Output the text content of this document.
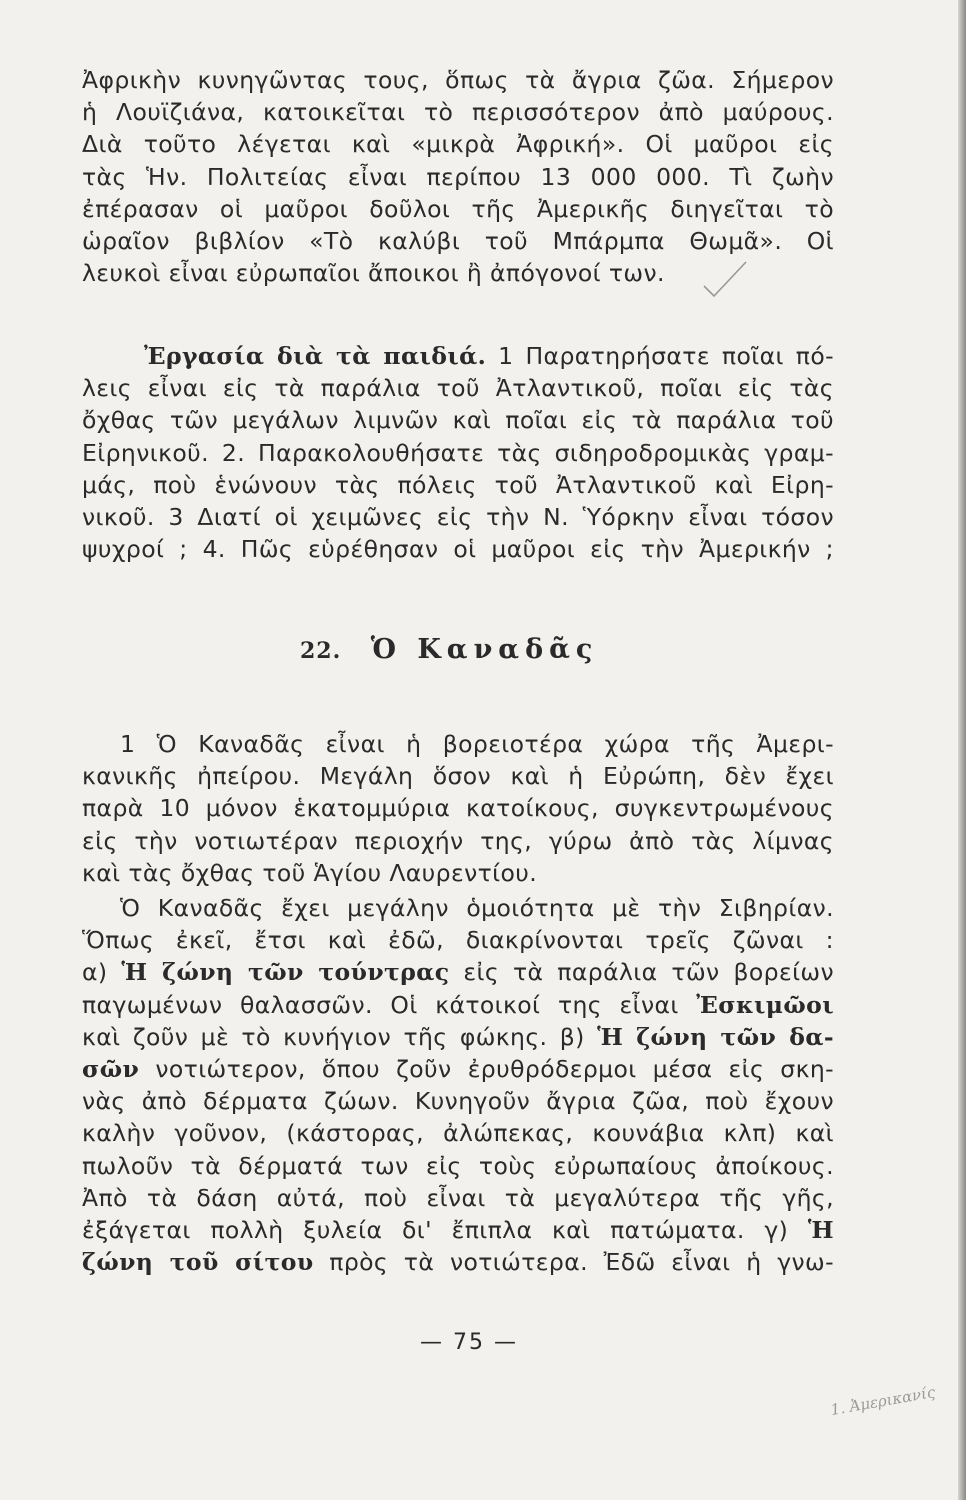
Ἀφρικὴν κυνηγῶντας τους, ὅπως τὰ ἄγρια ζῶα. Σήμερον
ἡ Λουϊζιάνα, κατοικεῖται τὸ περισσότερον ἀπὸ μαύρους.
Διὰ τοῦτο λέγεται καὶ «μικρὰ Ἀφρική». Οἱ μαῦροι εἰς
τὰς Ἡν. Πολιτείας εἶναι περίπου 13 000 000. Τὶ ζωὴν
ἐπέρασαν οἱ μαῦροι δοῦλοι τῆς Ἀμερικῆς διηγεῖται τὸ
ὡραῖον βιβλίον «Τὸ καλύβι τοῦ Μπάρμπα Θωμᾶ». Οἱ
λευκοὶ εἶναι εὐρωπαῖοι ἄποικοι ἢ ἀπόγονοί των.
Ἐργασία διὰ τὰ παιδιά. 1 Παρατηρήσατε ποῖαι πό-
λεις εἶναι εἰς τὰ παράλια τοῦ Ἀτλαντικοῦ, ποῖαι εἰς τὰς
ὄχθας τῶν μεγάλων λιμνῶν καὶ ποῖαι εἰς τὰ παράλια τοῦ
Εἰρηνικοῦ. 2. Παρακολουθήσατε τὰς σιδηροδρομικὰς γραμ-
μάς, ποὺ ἑνώνουν τὰς πόλεις τοῦ Ἀτλαντικοῦ καὶ Εἰρη-
νικοῦ. 3 Διατί οἱ χειμῶνες εἰς τὴν Ν. Ὑόρκην εἶναι τόσον
ψυχροί ; 4. Πῶς εὑρέθησαν οἱ μαῦροι εἰς τὴν Ἀμερικήν ;
22. Ὁ Καναδᾶς
1 Ὁ Καναδᾶς εἶναι ἡ βορειοτέρα χώρα τῆς Ἀμερι-
κανικῆς ἠπείρου. Μεγάλη ὅσον καὶ ἡ Εὐρώπη, δὲν ἔχει
παρὰ 10 μόνον ἑκατομμύρια κατοίκους, συγκεντρωμένους
εἰς τὴν νοτιωτέραν περιοχήν της, γύρω ἀπὸ τὰς λίμνας
καὶ τὰς ὄχθας τοῦ Ἁγίου Λαυρεντίου.
Ὁ Καναδᾶς ἔχει μεγάλην ὁμοιότητα μὲ τὴν Σιβηρίαν.
Ὅπως ἐκεῖ, ἔτσι καὶ ἐδῶ, διακρίνονται τρεῖς ζῶναι :
α) Ἡ ζώνη τῶν τούντρας εἰς τὰ παράλια τῶν βορείων
παγωμένων θαλασσῶν. Οἱ κάτοικοί της εἶναι Ἐσκιμῶοι
καὶ ζοῦν μὲ τὸ κυνήγιον τῆς φώκης. β) Ἡ ζώνη τῶν δα-
σῶν νοτιώτερον, ὅπου ζοῦν ἐρυθρόδερμοι μέσα εἰς σκη-
νὰς ἀπὸ δέρματα ζώων. Κυνηγοῦν ἄγρια ζῶα, ποὺ ἔχουν
καλὴν γοῦνον, (κάστορας, ἀλώπεκας, κουνάβια κλπ) καὶ
πωλοῦν τὰ δέρματά των εἰς τοὺς εὐρωπαίους ἀποίκους.
Ἀπὸ τὰ δάση αὐτά, ποὺ εἶναι τὰ μεγαλύτερα τῆς γῆς,
ἐξάγεται πολλὴ ξυλεία δι' ἔπιπλα καὶ πατώματα. γ) Ἡ
ζώνη τοῦ σίτου πρὸς τὰ νοτιώτερα. Ἐδῶ εἶναι ἡ γνω-
— 75 —
1. Ἀμερικανίς
